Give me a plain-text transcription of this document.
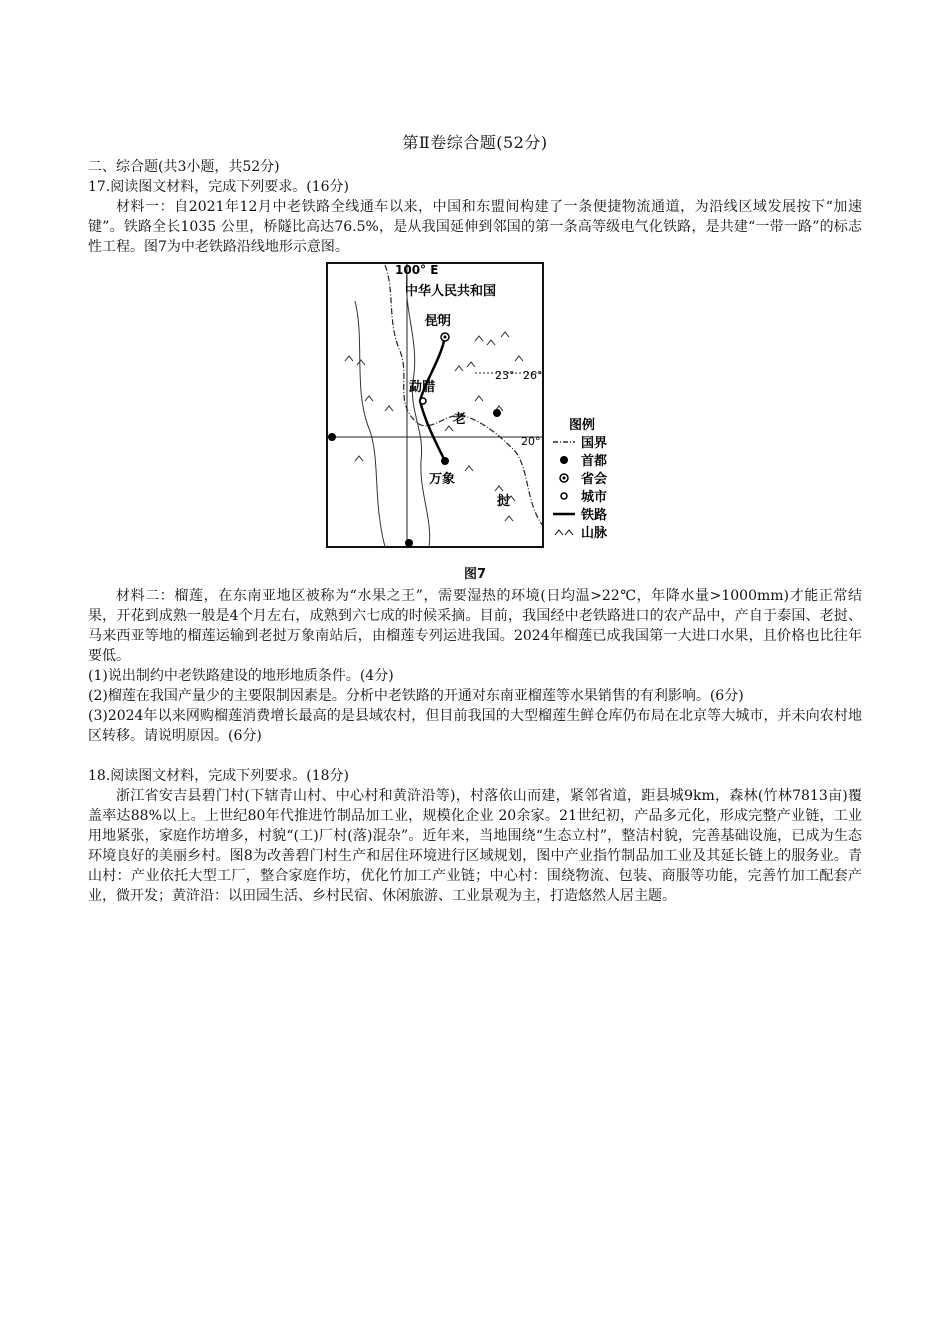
第Ⅱ卷综合题(52分)

二、综合题(共3小题，共52分)

17.阅读图文材料，完成下列要求。(16分)

材料一：自2021年12月中老铁路全线通车以来，中国和东盟间构建了一条便捷物流通道，为沿线区域发展按下“加速键”。铁路全长1035 公里，桥隧比高达76.5%，是从我国延伸到邻国的第一条高等级电气化铁路，是共建“一带一路”的标志性工程。图7为中老铁路沿线地形示意图。

100° E
中华人民共和国
昆明
勐腊
23° 26°
20°
老
万象
挝
图例
国界
首都
省会
城市
铁路
山脉
图7

材料二：榴莲，在东南亚地区被称为“水果之王”，需要湿热的环境(日均温>22℃，年降水量>1000mm)才能正常结果，开花到成熟一般是4个月左右，成熟到六七成的时候采摘。目前，我国经中老铁路进口的农产品中，产自于泰国、老挝、马来西亚等地的榴莲运输到老挝万象南站后，由榴莲专列运进我国。2024年榴莲已成我国第一大进口水果，且价格也比往年要低。

(1)说出制约中老铁路建设的地形地质条件。(4分)

(2)榴莲在我国产量少的主要限制因素是。分析中老铁路的开通对东南亚榴莲等水果销售的有利影响。(6分)

(3)2024年以来网购榴莲消费增长最高的是县域农村，但目前我国的大型榴莲生鲜仓库仍布局在北京等大城市，并未向农村地区转移。请说明原因。(6分)

18.阅读图文材料，完成下列要求。(18分)

浙江省安吉县碧门村(下辖青山村、中心村和黄浒沿等)，村落依山而建，紧邻省道，距县城9km，森林(竹林7813亩)覆盖率达88%以上。上世纪80年代推进竹制品加工业，规模化企业 20余家。21世纪初，产品多元化，形成完整产业链，工业用地紧张，家庭作坊增多，村貌“(工)厂村(落)混杂”。近年来，当地围绕“生态立村”，整洁村貌，完善基础设施，已成为生态环境良好的美丽乡村。图8为改善碧门村生产和居住环境进行区域规划，图中产业指竹制品加工业及其延长链上的服务业。青山村：产业依托大型工厂，整合家庭作坊，优化竹加工产业链；中心村：围绕物流、包装、商服等功能，完善竹加工配套产业，微开发；黄浒沿：以田园生活、乡村民宿、休闲旅游、工业景观为主，打造悠然人居主题。
